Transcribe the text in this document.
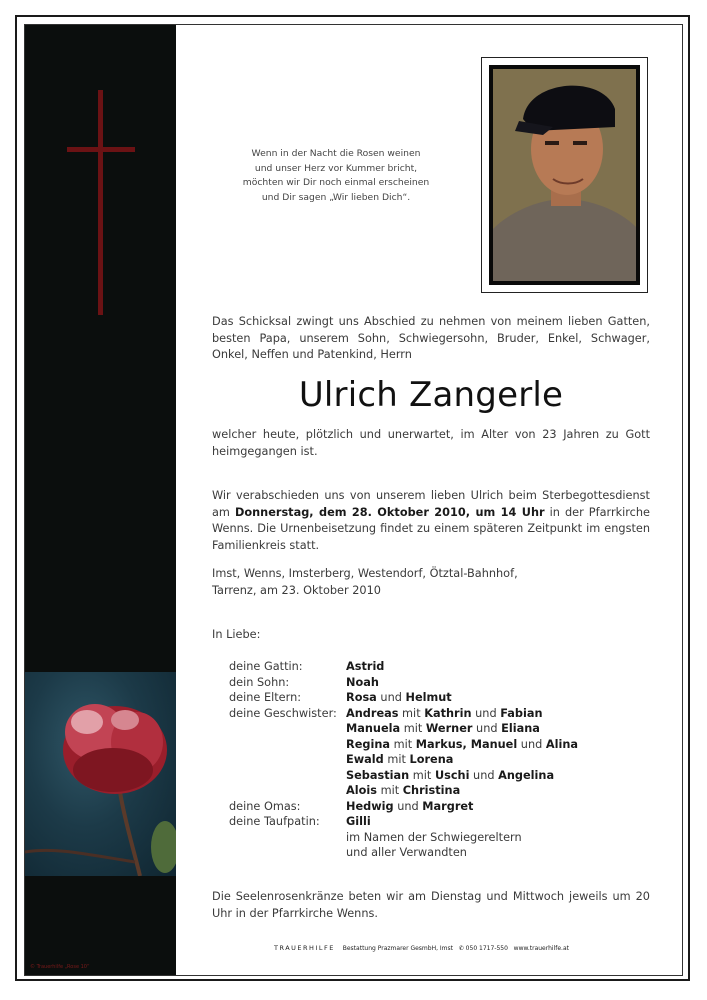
© Trauerhilfe „Rose 10“
Wenn in der Nacht die Rosen weinen
und unser Herz vor Kummer bricht,
möchten wir Dir noch einmal erscheinen
und Dir sagen „Wir lieben Dich“.

Das Schicksal zwingt uns Abschied zu nehmen von meinem lieben Gatten, besten Papa, unserem Sohn, Schwiegersohn, Bruder, Enkel, Schwager, Onkel, Neffen und Patenkind, Herrn

Ulrich Zangerle

welcher heute, plötzlich und unerwartet, im Alter von 23 Jahren zu Gott heimgegangen ist.

Wir verabschieden uns von unserem lieben Ulrich beim Sterbegottesdienst am Donnerstag, dem 28. Oktober 2010, um 14 Uhr in der Pfarrkirche Wenns. Die Urnenbeisetzung findet zu einem späteren Zeitpunkt im engsten Familienkreis statt.

Imst, Wenns, Imsterberg, Westendorf, Ötztal-Bahnhof, Tarrenz, am 23. Oktober 2010

In Liebe:

deine Gattin:	Astrid
dein Sohn:	Noah
deine Eltern:	Rosa und Helmut
deine Geschwister: Andreas mit Kathrin und Fabian
Manuela mit Werner und Eliana
Regina mit Markus, Manuel und Alina
Ewald mit Lorena
Sebastian mit Uschi und Angelina
Alois mit Christina
deine Omas:	Hedwig und Margret
deine Taufpatin: Gilli
im Namen der Schwiegereltern
und aller Verwandten

Die Seelenrosenkränze beten wir am Dienstag und Mittwoch jeweils um 20 Uhr in der Pfarrkirche Wenns.

TRAUERHILFE Bestattung Prazmarer GesmbH, Imst ✆ 050 1717-550 www.trauerhilfe.at
